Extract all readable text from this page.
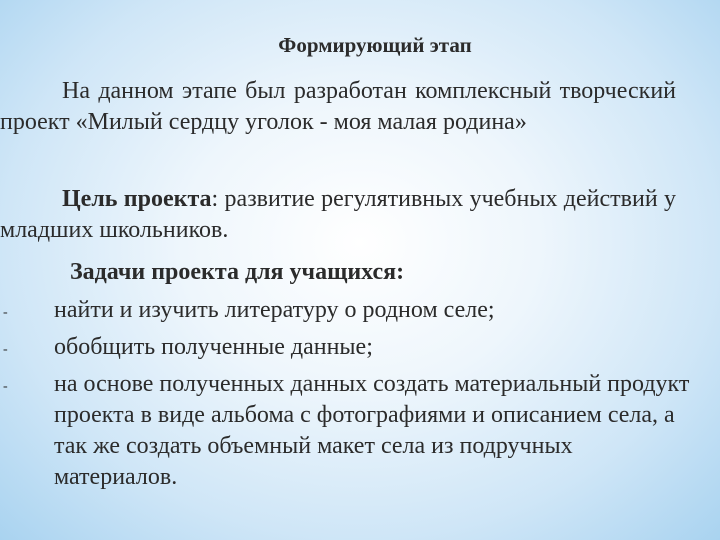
Формирующий этап
На данном этапе был разработан комплексный творческий проект «Милый сердцу уголок - моя малая родина»
Цель проекта: развитие регулятивных учебных действий у младших школьников.
Задачи проекта для учащихся:
- найти и изучить литературу о родном селе;
- обобщить полученные данные;
- на основе полученных данных создать материальный продукт проекта в виде альбома с фотографиями и описанием села, а так же создать объемный макет села из подручных материалов.
